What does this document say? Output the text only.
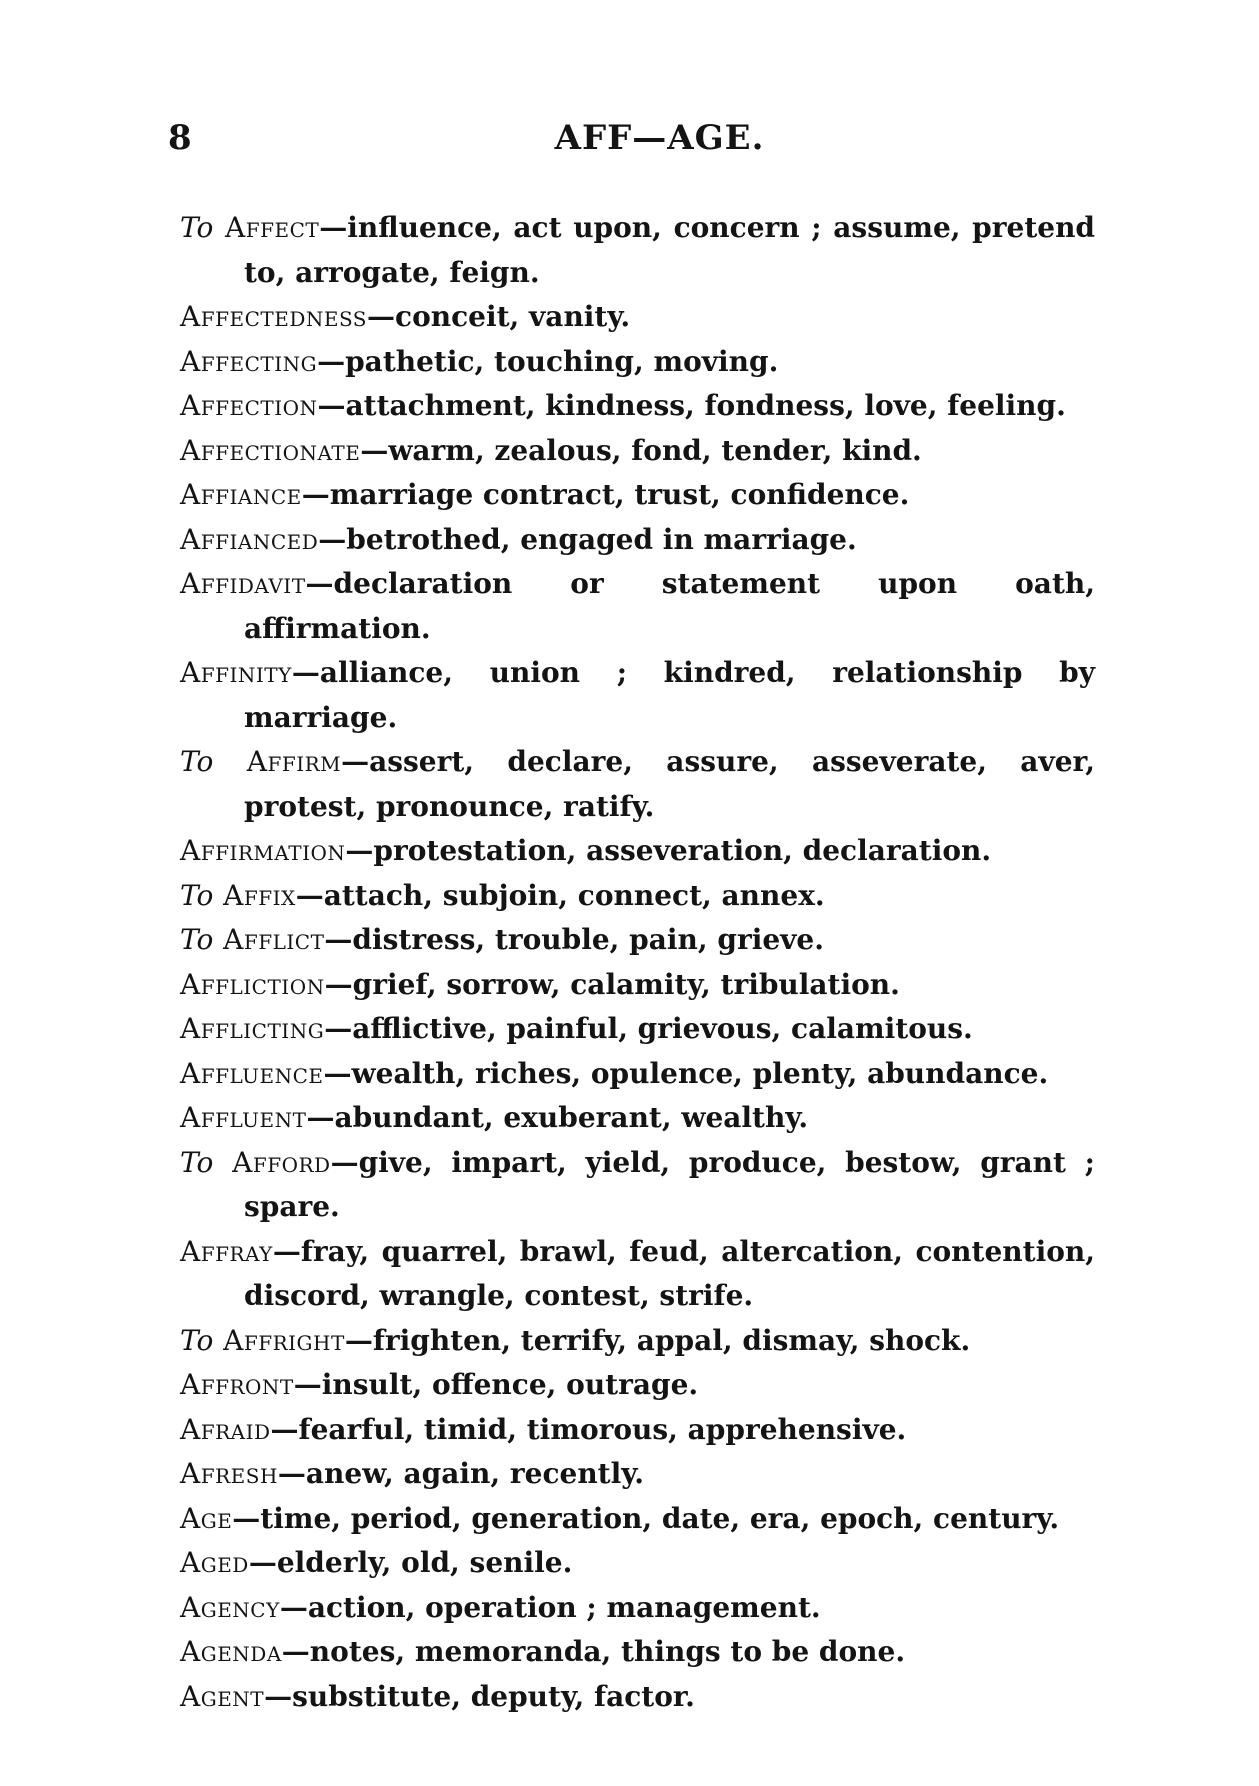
8	AFF—AGE.
To Affect—influence, act upon, concern ; assume, pretend to, arrogate, feign.
Affectedness—conceit, vanity.
Affecting—pathetic, touching, moving.
Affection—attachment, kindness, fondness, love, feeling.
Affectionate—warm, zealous, fond, tender, kind.
Affiance—marriage contract, trust, confidence.
Affianced—betrothed, engaged in marriage.
Affidavit—declaration or statement upon oath, affirmation.
Affinity—alliance, union ; kindred, relationship by marriage.
To Affirm—assert, declare, assure, asseverate, aver, protest, pronounce, ratify.
Affirmation—protestation, asseveration, declaration.
To Affix—attach, subjoin, connect, annex.
To Afflict—distress, trouble, pain, grieve.
Affliction—grief, sorrow, calamity, tribulation.
Afflicting—afflictive, painful, grievous, calamitous.
Affluence—wealth, riches, opulence, plenty, abundance.
Affluent—abundant, exuberant, wealthy.
To Afford—give, impart, yield, produce, bestow, grant ; spare.
Affray—fray, quarrel, brawl, feud, altercation, contention, discord, wrangle, contest, strife.
To Affright—frighten, terrify, appal, dismay, shock.
Affront—insult, offence, outrage.
Afraid—fearful, timid, timorous, apprehensive.
Afresh—anew, again, recently.
Age—time, period, generation, date, era, epoch, century.
Aged—elderly, old, senile.
Agency—action, operation ; management.
Agenda—notes, memoranda, things to be done.
Agent—substitute, deputy, factor.
